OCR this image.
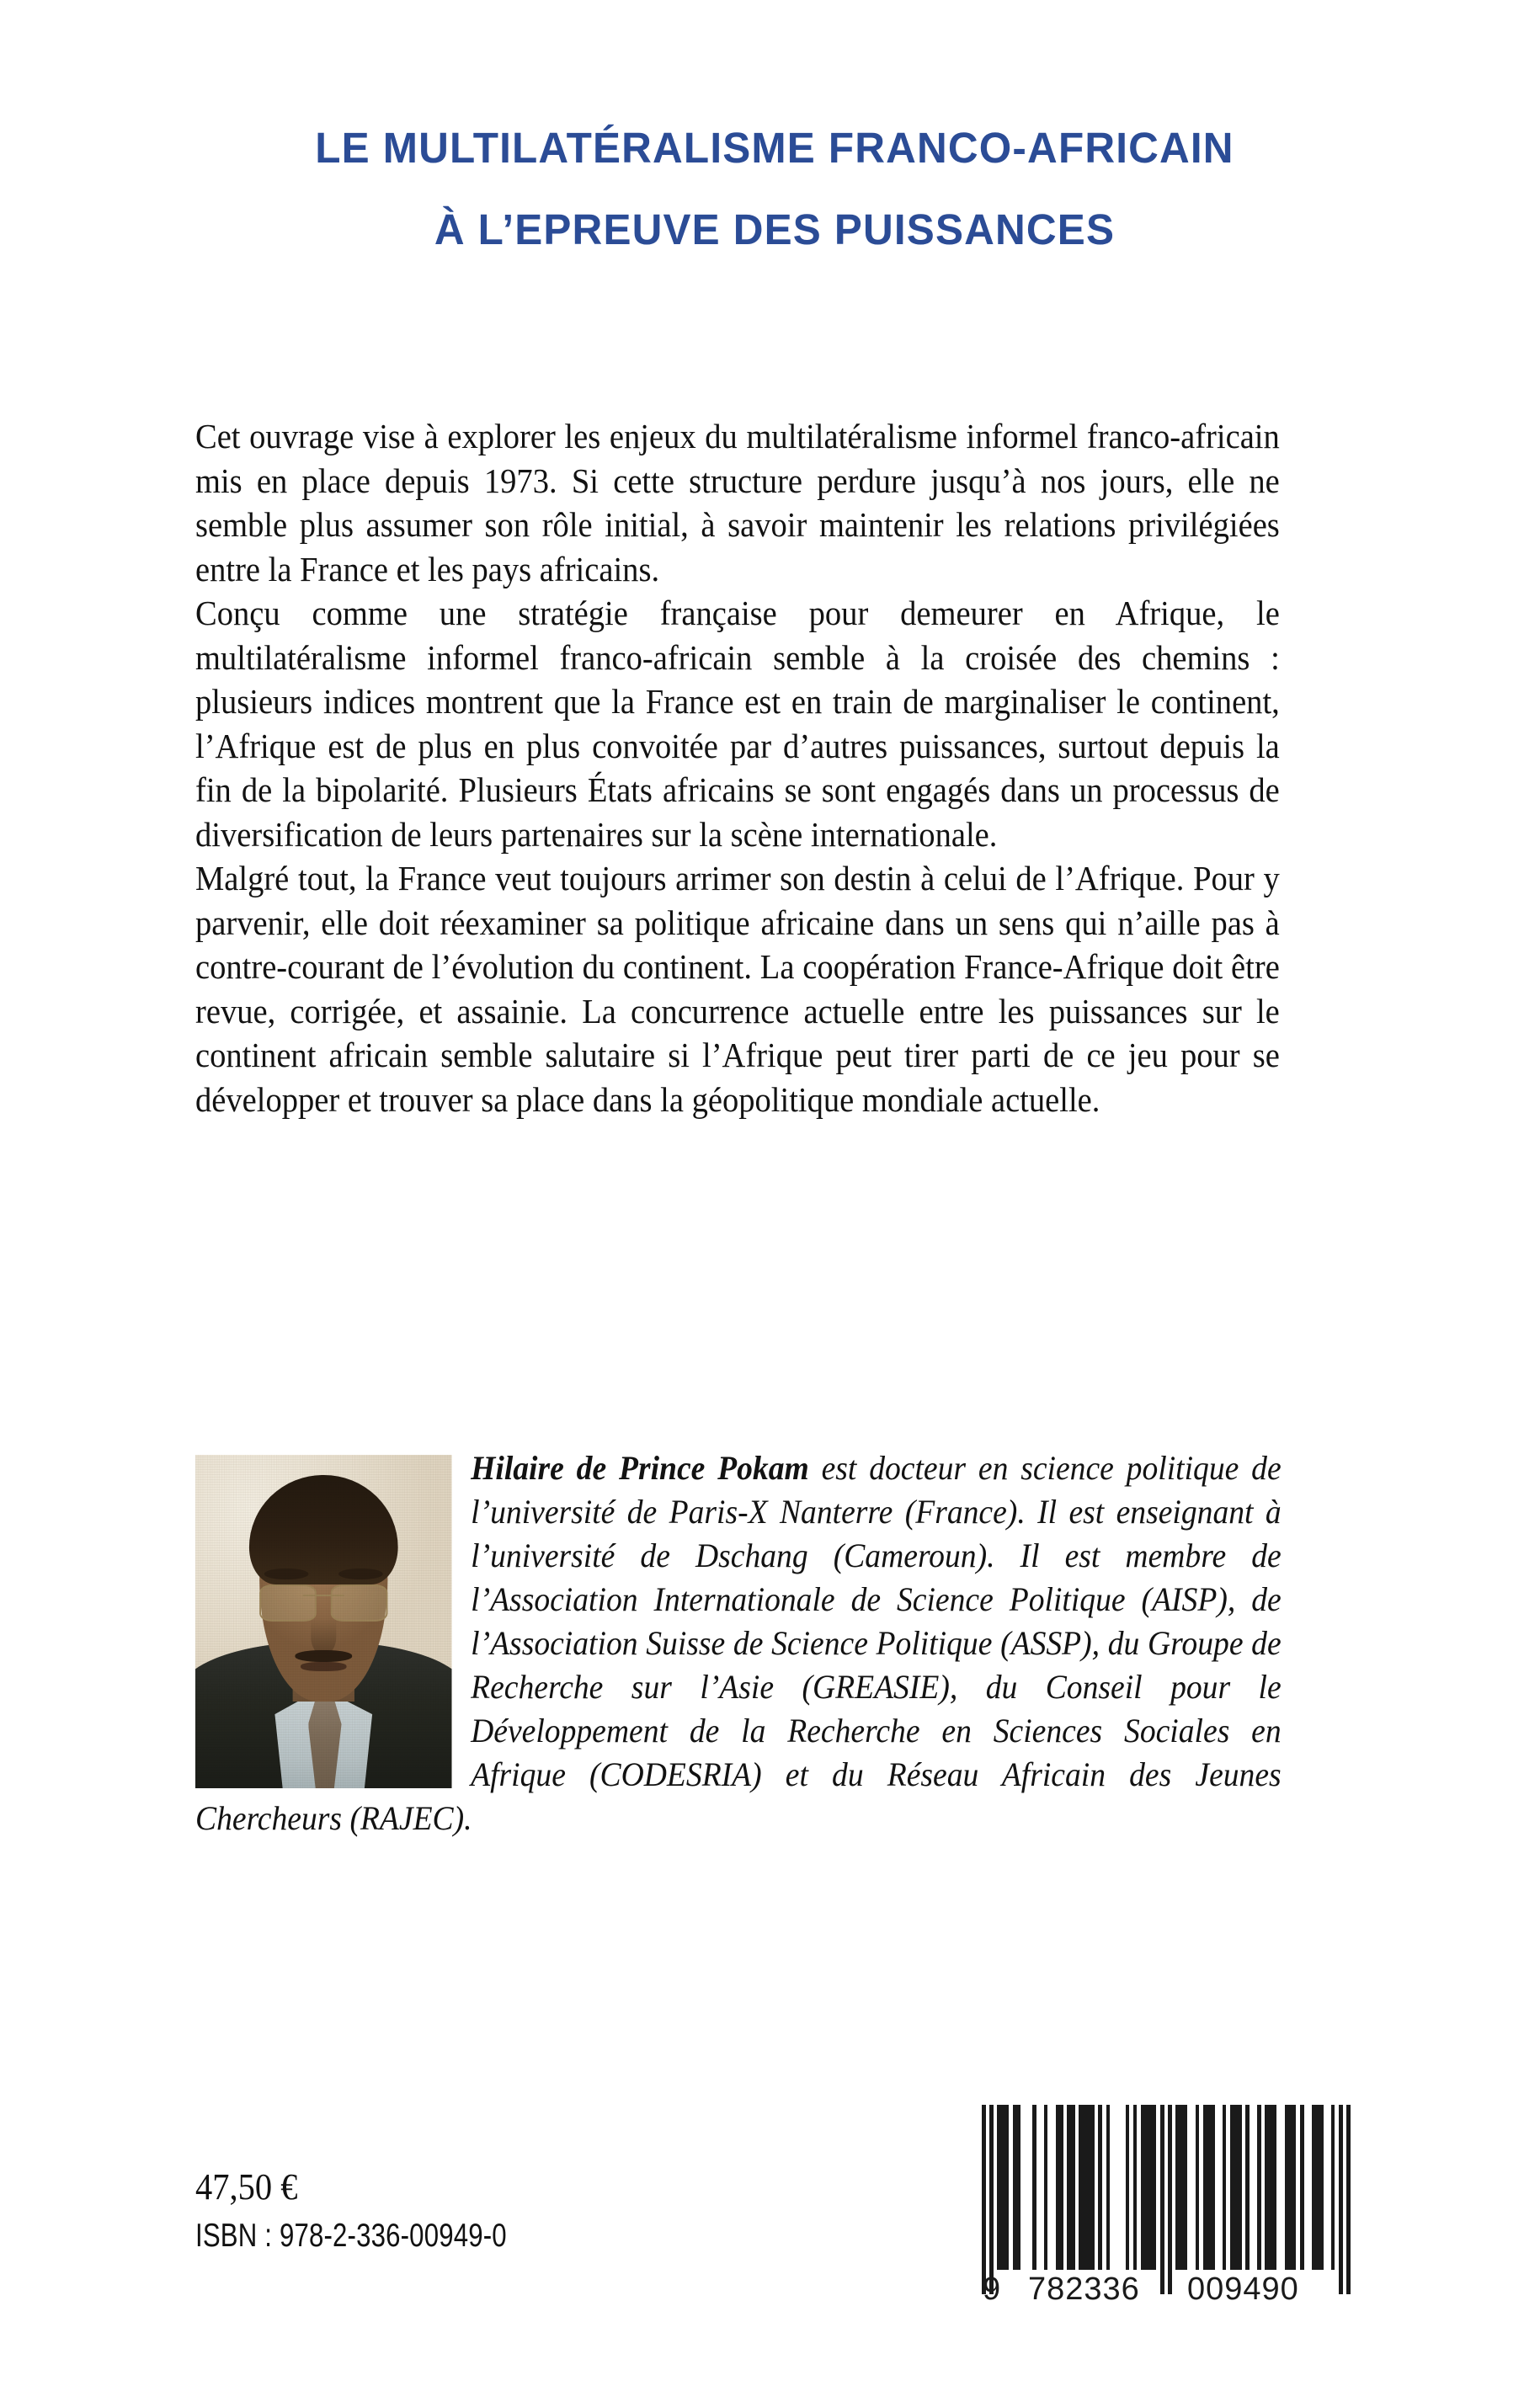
LE MULTILATÉRALISME FRANCO-AFRICAIN
À L’EPREUVE DES PUISSANCES

Cet ouvrage vise à explorer les enjeux du multilatéralisme informel franco-africain mis en place depuis 1973. Si cette structure perdure jusqu’à nos jours, elle ne semble plus assumer son rôle initial, à savoir maintenir les relations privilégiées entre la France et les pays africains.

Conçu comme une stratégie française pour demeurer en Afrique, le multilatéralisme informel franco-africain semble à la croisée des chemins : plusieurs indices montrent que la France est en train de marginaliser le continent, l’Afrique est de plus en plus convoitée par d’autres puissances, surtout depuis la fin de la bipolarité. Plusieurs États africains se sont engagés dans un processus de diversification de leurs partenaires sur la scène internationale.

Malgré tout, la France veut toujours arrimer son destin à celui de l’Afrique. Pour y parvenir, elle doit réexaminer sa politique africaine dans un sens qui n’aille pas à contre-courant de l’évolution du continent. La coopération France-Afrique doit être revue, corrigée, et assainie. La concurrence actuelle entre les puissances sur le continent africain semble salutaire si l’Afrique peut tirer parti de ce jeu pour se développer et trouver sa place dans la géopolitique mondiale actuelle.

Hilaire de Prince Pokam est docteur en science politique de l’université de Paris-X Nanterre (France). Il est enseignant à l’université de Dschang (Cameroun). Il est membre de l’Association Internationale de Science Politique (AISP), de l’Association Suisse de Science Politique (ASSP), du Groupe de Recherche sur l’Asie (GREASIE), du Conseil pour le Développement de la Recherche en Sciences Sociales en Afrique (CODESRIA) et du Réseau Africain des Jeunes Chercheurs (RAJEC).

47,50 €
ISBN : 978-2-336-00949-0
9 782336 009490
